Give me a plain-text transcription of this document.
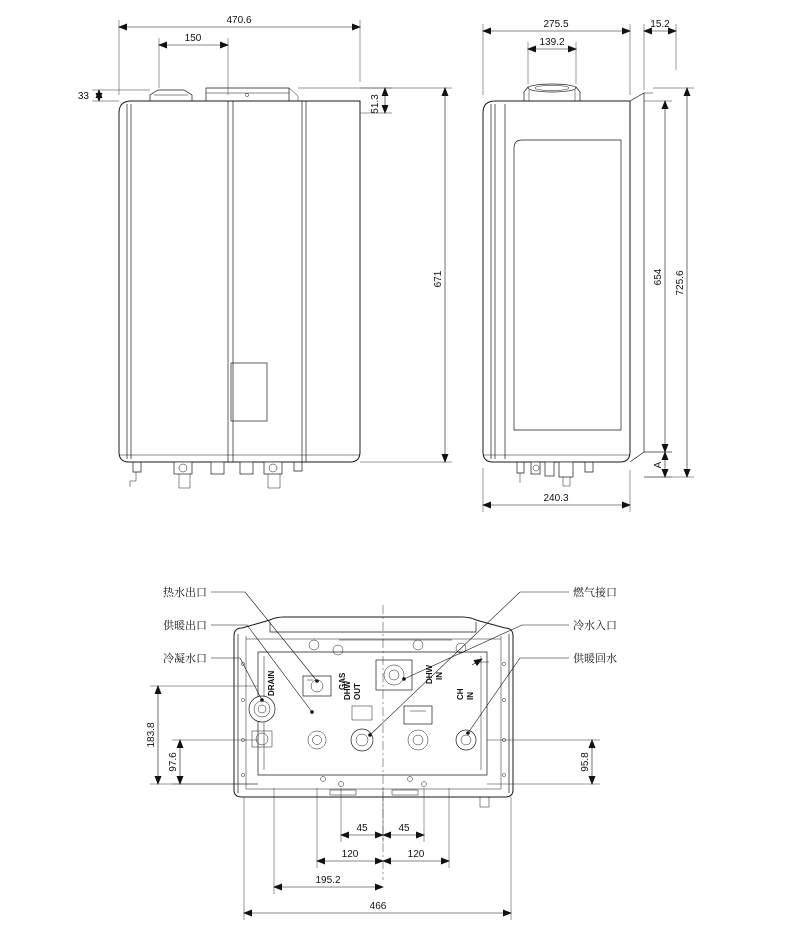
470.6
150
33	51.3
671
275.5	15.2
139.2
654 725.6
A
240.3
DRAIN	DHW OUT
GAS	DHW IN
CH IN
热水出口
供暖出口
冷凝水口
燃气接口
冷水入口
供暖回水
183.8
97.6	95.8
45	45
120	120
195.2
466
